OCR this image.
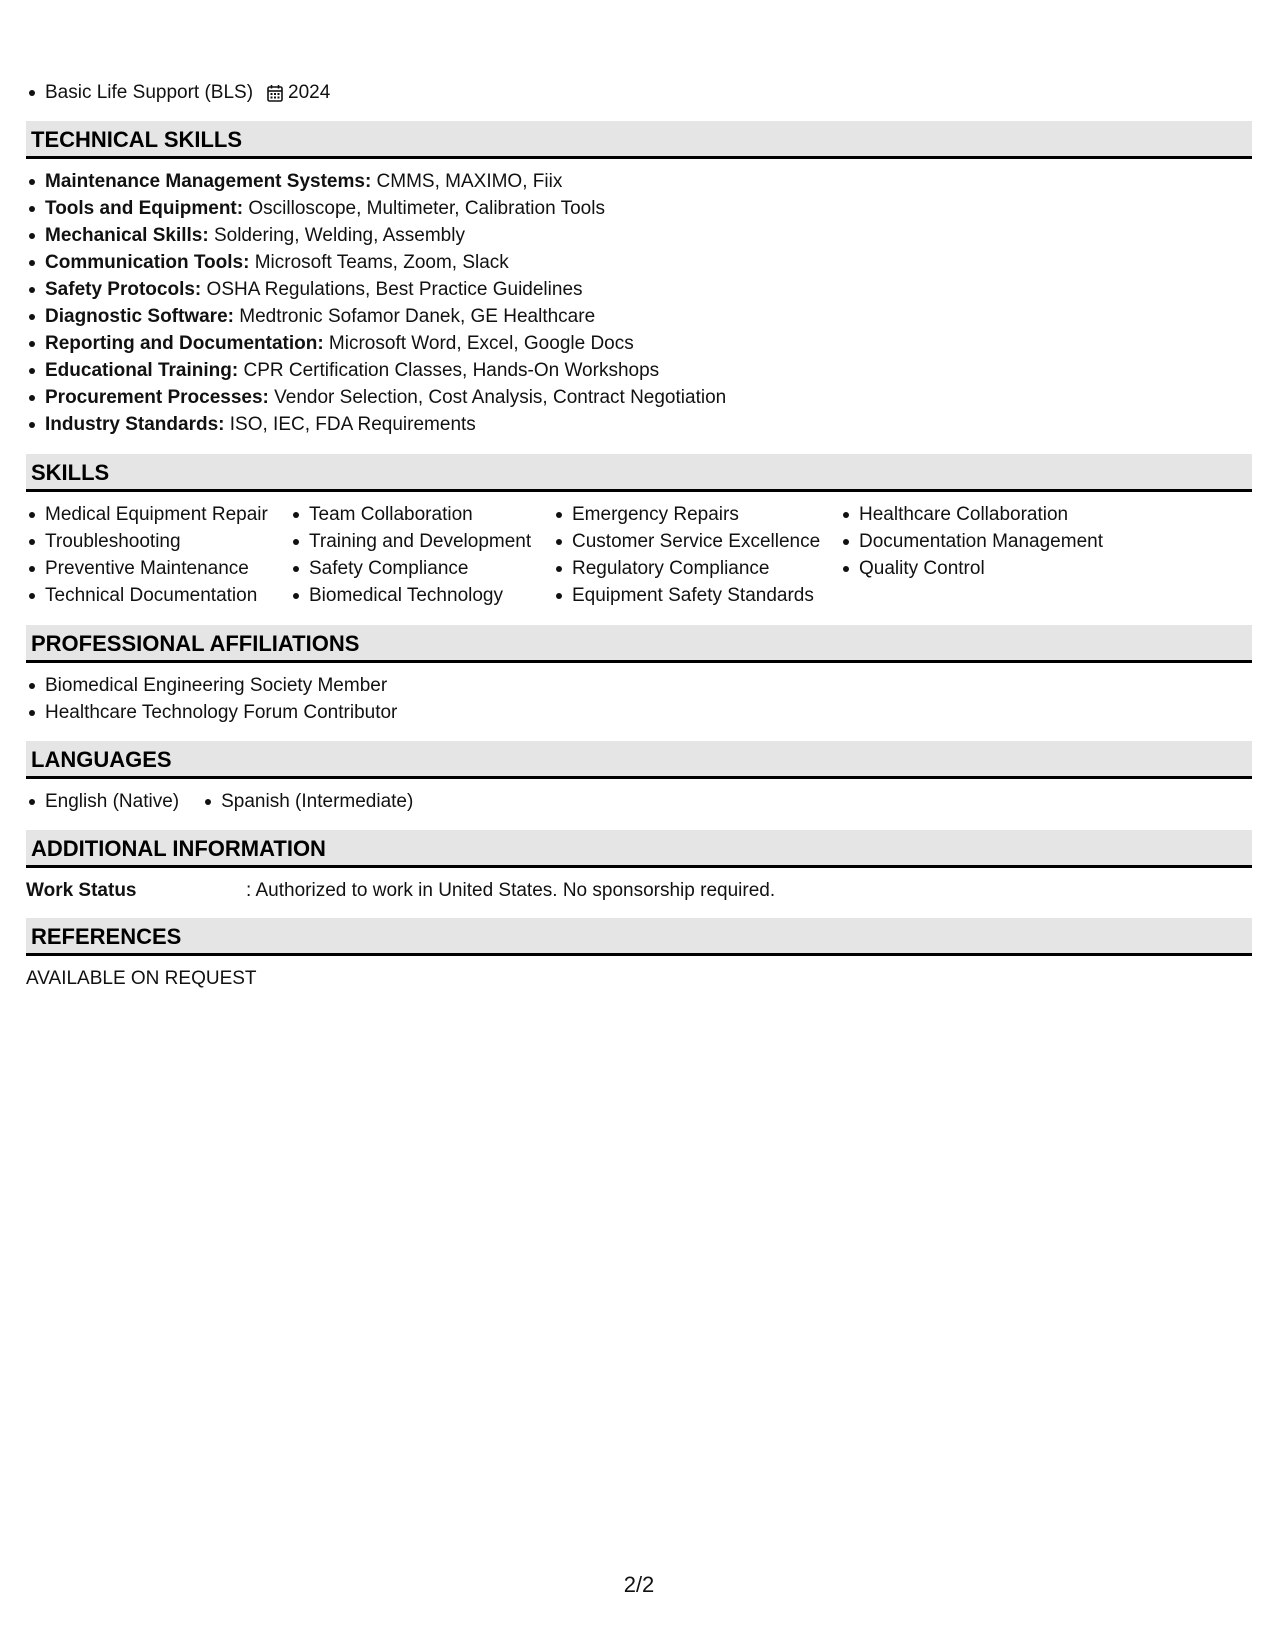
Basic Life Support (BLS) 2024
TECHNICAL SKILLS
Maintenance Management Systems: CMMS, MAXIMO, Fiix
Tools and Equipment: Oscilloscope, Multimeter, Calibration Tools
Mechanical Skills: Soldering, Welding, Assembly
Communication Tools: Microsoft Teams, Zoom, Slack
Safety Protocols: OSHA Regulations, Best Practice Guidelines
Diagnostic Software: Medtronic Sofamor Danek, GE Healthcare
Reporting and Documentation: Microsoft Word, Excel, Google Docs
Educational Training: CPR Certification Classes, Hands-On Workshops
Procurement Processes: Vendor Selection, Cost Analysis, Contract Negotiation
Industry Standards: ISO, IEC, FDA Requirements
SKILLS
Medical Equipment Repair
Troubleshooting
Preventive Maintenance
Technical Documentation
Team Collaboration
Training and Development
Safety Compliance
Biomedical Technology
Emergency Repairs
Customer Service Excellence
Regulatory Compliance
Equipment Safety Standards
Healthcare Collaboration
Documentation Management
Quality Control
PROFESSIONAL AFFILIATIONS
Biomedical Engineering Society Member
Healthcare Technology Forum Contributor
LANGUAGES
English (Native)	Spanish (Intermediate)
ADDITIONAL INFORMATION
Work Status	: Authorized to work in United States. No sponsorship required.
REFERENCES
AVAILABLE ON REQUEST
2/2
